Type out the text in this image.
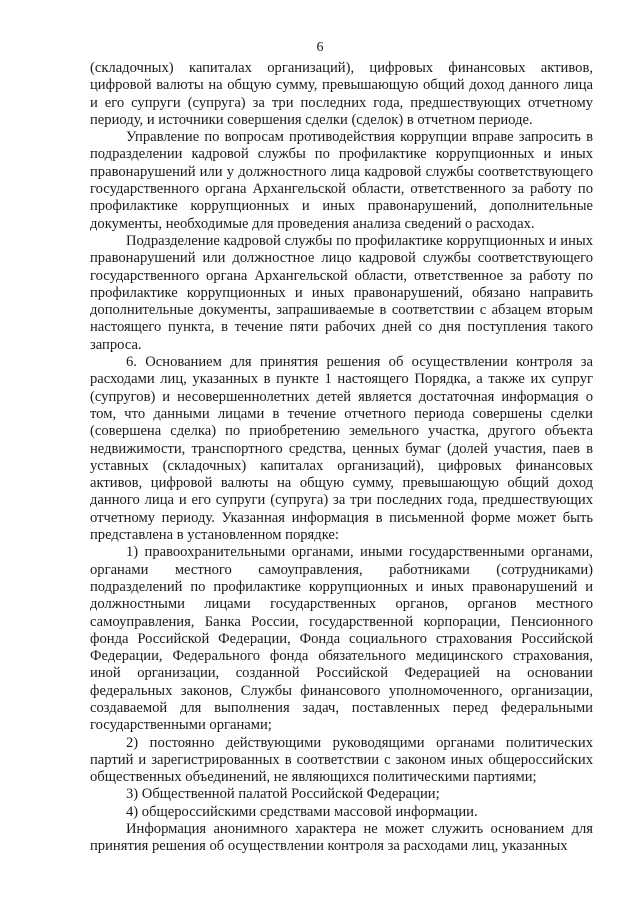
6

(складочных) капиталах организаций), цифровых финансовых активов, цифровой валюты на общую сумму, превышающую общий доход данного лица и его супруги (супруга) за три последних года, предшествующих отчетному периоду, и источники совершения сделки (сделок) в отчетном периоде.

Управление по вопросам противодействия коррупции вправе запросить в подразделении кадровой службы по профилактике коррупционных и иных правонарушений или у должностного лица кадровой службы соответствующего государственного органа Архангельской области, ответственного за работу по профилактике коррупционных и иных правонарушений, дополнительные документы, необходимые для проведения анализа сведений о расходах.

Подразделение кадровой службы по профилактике коррупционных и иных правонарушений или должностное лицо кадровой службы соответствующего государственного органа Архангельской области, ответственное за работу по профилактике коррупционных и иных правонарушений, обязано направить дополнительные документы, запрашиваемые в соответствии с абзацем вторым настоящего пункта, в течение пяти рабочих дней со дня поступления такого запроса.

6. Основанием для принятия решения об осуществлении контроля за расходами лиц, указанных в пункте 1 настоящего Порядка, а также их супруг (супругов) и несовершеннолетних детей является достаточная информация о том, что данными лицами в течение отчетного периода совершены сделки (совершена сделка) по приобретению земельного участка, другого объекта недвижимости, транспортного средства, ценных бумаг (долей участия, паев в уставных (складочных) капиталах организаций), цифровых финансовых активов, цифровой валюты на общую сумму, превышающую общий доход данного лица и его супруги (супруга) за три последних года, предшествующих отчетному периоду. Указанная информация в письменной форме может быть представлена в установленном порядке:

1) правоохранительными органами, иными государственными органами, органами местного самоуправления, работниками (сотрудниками) подразделений по профилактике коррупционных и иных правонарушений и должностными лицами государственных органов, органов местного самоуправления, Банка России, государственной корпорации, Пенсионного фонда Российской Федерации, Фонда социального страхования Российской Федерации, Федерального фонда обязательного медицинского страхования, иной организации, созданной Российской Федерацией на основании федеральных законов, Службы финансового уполномоченного, организации, создаваемой для выполнения задач, поставленных перед федеральными государственными органами;

2) постоянно действующими руководящими органами политических партий и зарегистрированных в соответствии с законом иных общероссийских общественных объединений, не являющихся политическими партиями;

3) Общественной палатой Российской Федерации;

4) общероссийскими средствами массовой информации.

Информация анонимного характера не может служить основанием для принятия решения об осуществлении контроля за расходами лиц, указанных
